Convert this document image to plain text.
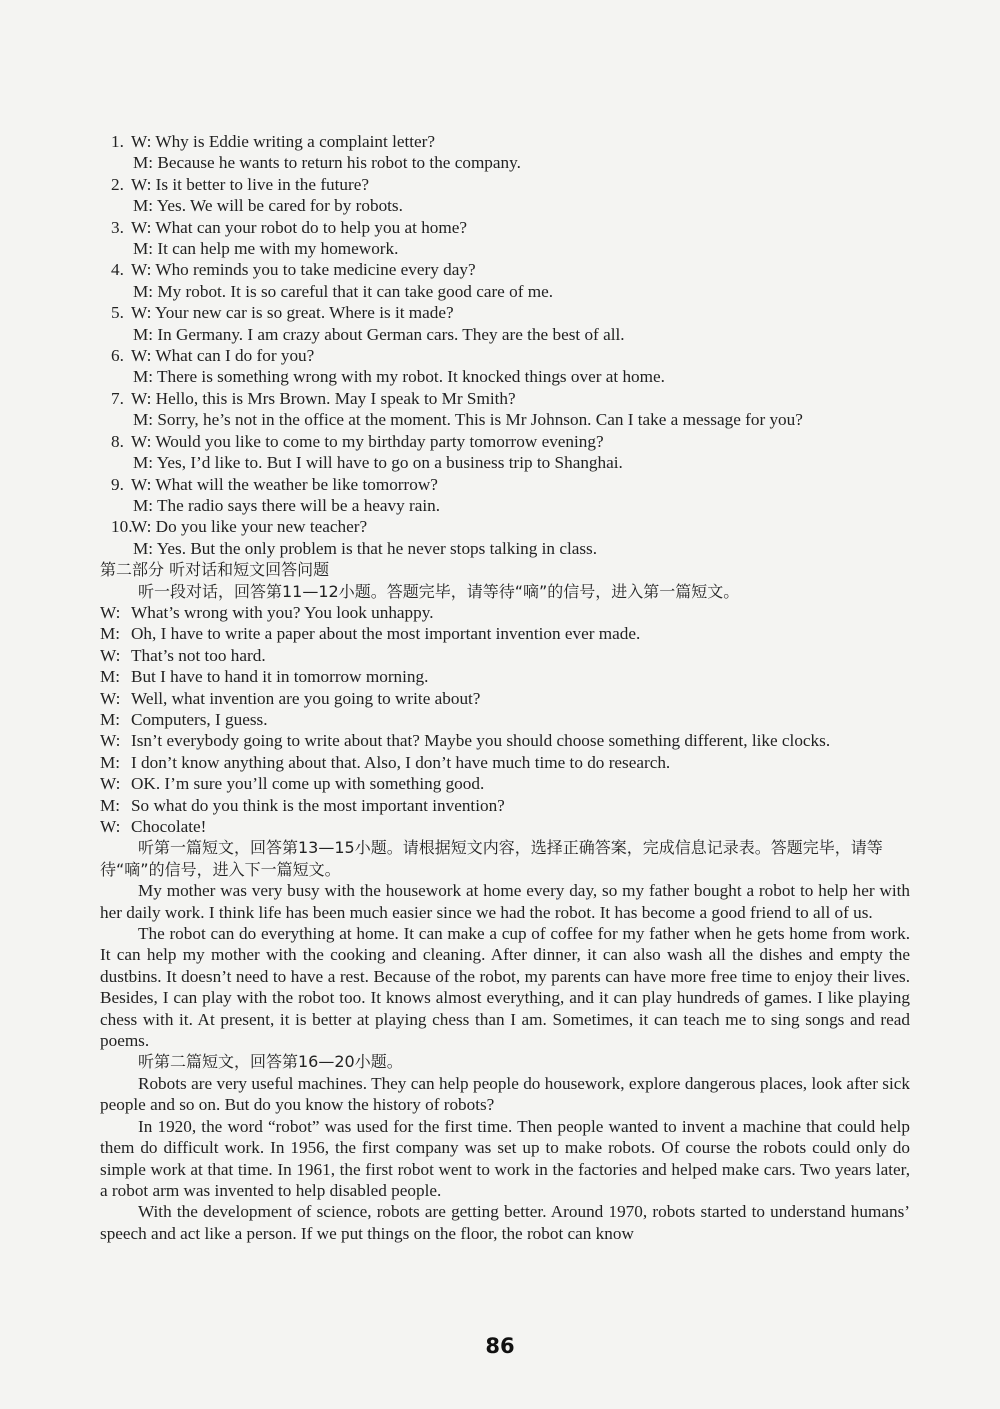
1. W: Why is Eddie writing a complaint letter?
M: Because he wants to return his robot to the company.
2. W: Is it better to live in the future?
M: Yes. We will be cared for by robots.
3. W: What can your robot do to help you at home?
M: It can help me with my homework.
4. W: Who reminds you to take medicine every day?
M: My robot. It is so careful that it can take good care of me.
5. W: Your new car is so great. Where is it made?
M: In Germany. I am crazy about German cars. They are the best of all.
6. W: What can I do for you?
M: There is something wrong with my robot. It knocked things over at home.
7. W: Hello, this is Mrs Brown. May I speak to Mr Smith?
M: Sorry, he’s not in the office at the moment. This is Mr Johnson. Can I take a message for you?
8. W: Would you like to come to my birthday party tomorrow evening?
M: Yes, I’d like to. But I will have to go on a business trip to Shanghai.
9. W: What will the weather be like tomorrow?
M: The radio says there will be a heavy rain.
10.
W: Do you like your new teacher?
M: Yes. But the only problem is that he never stops talking in class.
第二部分 听对话和短文回答问题
听一段对话，回答第11—12小题。答题完毕，请等待“嘀”的信号，进入第一篇短文。
W: What’s wrong with you? You look unhappy.
M: Oh, I have to write a paper about the most important invention ever made.
W: That’s not too hard.
M: But I have to hand it in tomorrow morning.
W: Well, what invention are you going to write about?
M: Computers, I guess.
W: Isn’t everybody going to write about that? Maybe you should choose something different, like clocks.
M: I don’t know anything about that. Also, I don’t have much time to do research.
W: OK. I’m sure you’ll come up with something good.
M: So what do you think is the most important invention?
W: Chocolate!
听第一篇短文，回答第13—15小题。请根据短文内容，选择正确答案，完成信息记录表。答题完毕，请等待“嘀”的信号，进入下一篇短文。
My mother was very busy with the housework at home every day, so my father bought a robot to help her with her daily work. I think life has been much easier since we had the robot. It has become a good friend to all of us.
The robot can do everything at home. It can make a cup of coffee for my father when he gets home from work. It can help my mother with the cooking and cleaning. After dinner, it can also wash all the dishes and empty the dustbins. It doesn’t need to have a rest. Because of the robot, my parents can have more free time to enjoy their lives. Besides, I can play with the robot too. It knows almost everything, and it can play hundreds of games. I like playing chess with it. At present, it is better at playing chess than I am. Sometimes, it can teach me to sing songs and read poems.
听第二篇短文，回答第16—20小题。
Robots are very useful machines. They can help people do housework, explore dangerous places, look after sick people and so on. But do you know the history of robots?
In 1920, the word “robot” was used for the first time. Then people wanted to invent a machine that could help them do difficult work. In 1956, the first company was set up to make robots. Of course the robots could only do simple work at that time. In 1961, the first robot went to work in the factories and helped make cars. Two years later, a robot arm was invented to help disabled people.
With the development of science, robots are getting better. Around 1970, robots started to understand humans’ speech and act like a person. If we put things on the floor, the robot can know
86
